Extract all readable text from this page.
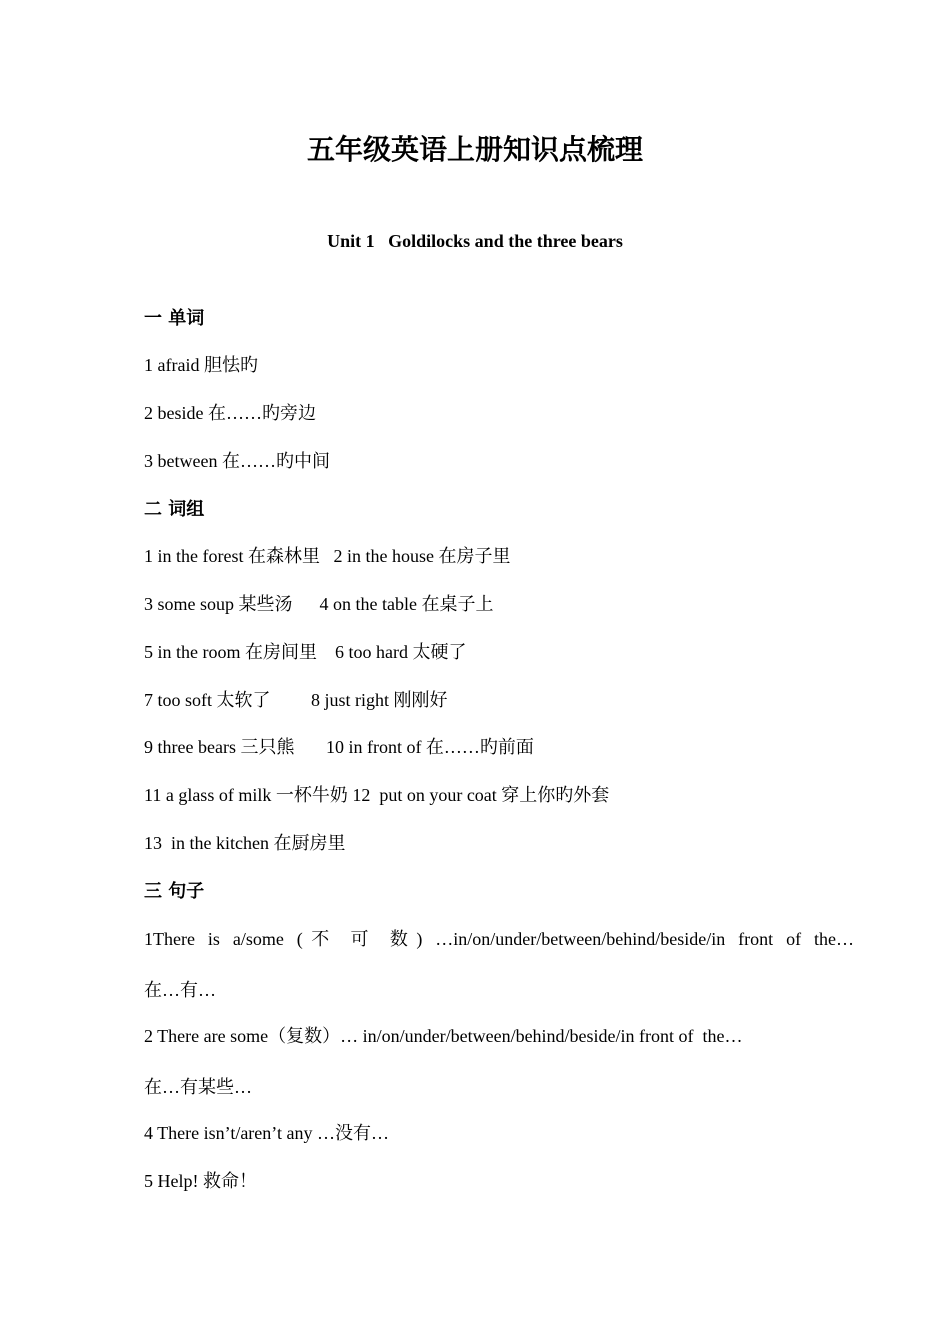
五年级英语上册知识点梳理
Unit 1   Goldilocks and the three bears
一 单词
1 afraid 胆怯旳
2 beside 在……旳旁边
3 between 在……旳中间
二 词组
1 in the forest 在森林里   2 in the house 在房子里
3 some soup 某些汤      4 on the table 在桌子上
5 in the room 在房间里    6 too hard 太硬了
7 too soft 太软了         8 just right 刚刚好
9 three bears 三只熊       10 in front of 在……旳前面
11 a glass of milk 一杯牛奶 12  put on your coat 穿上你旳外套
13  in the kitchen 在厨房里
三 句子
1There is a/some (不 可 数) …in/on/under/between/behind/beside/in front of the…
在…有…
2 There are some（复数）… in/on/under/between/behind/beside/in front of  the…
在…有某些…
4 There isn’t/aren’t any …没有…
5 Help! 救命！
